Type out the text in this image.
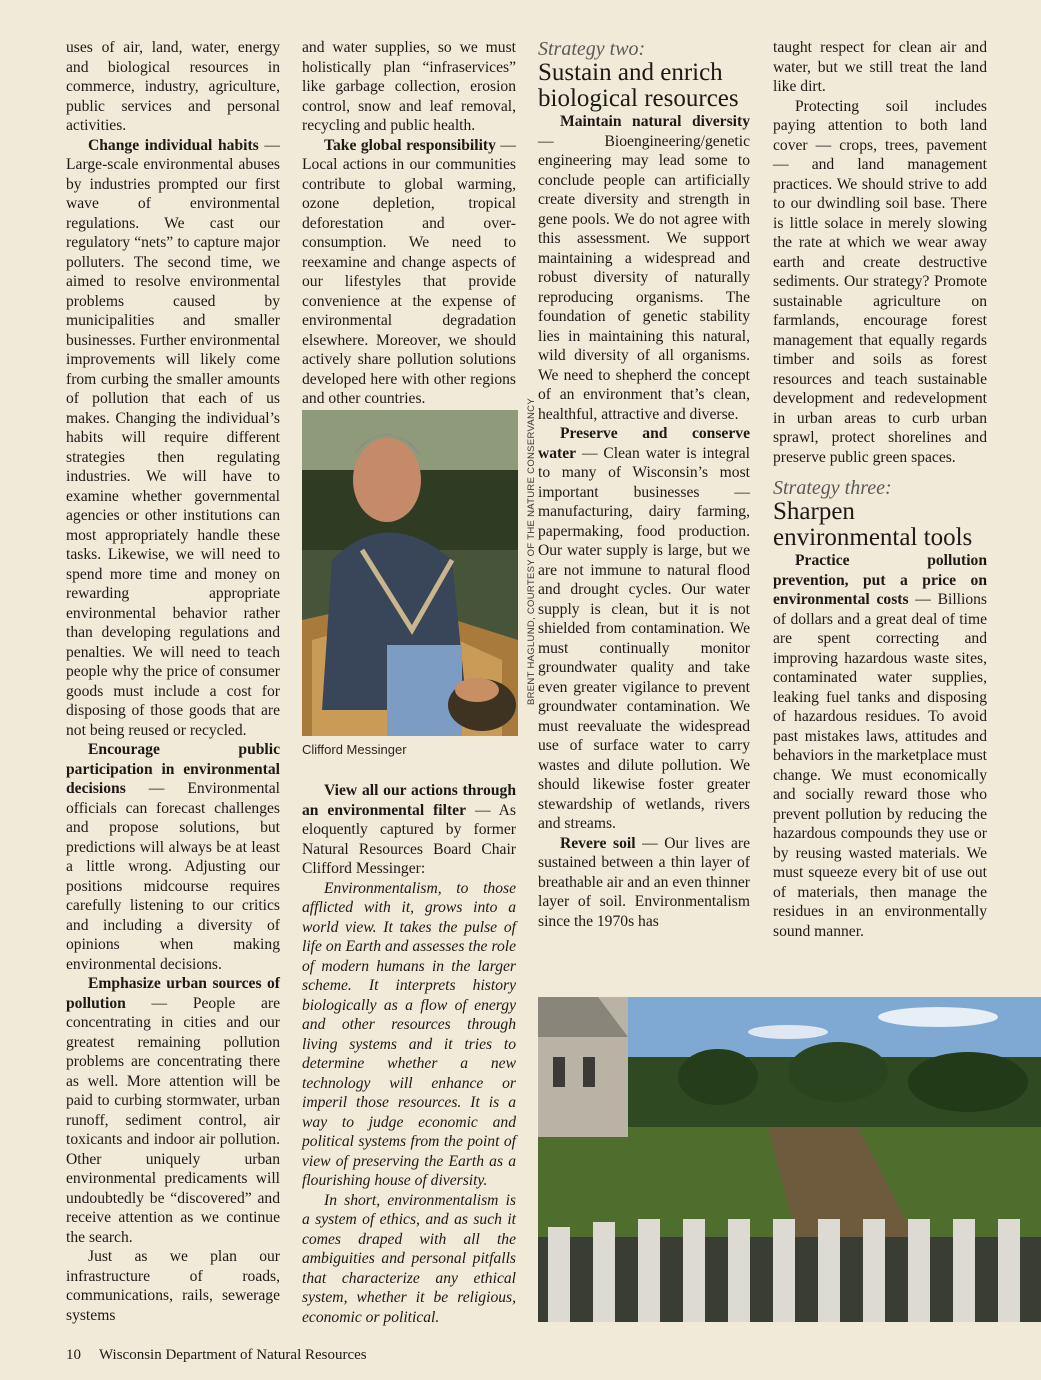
uses of air, land, water, energy and biological resources in commerce, industry, agriculture, public services and personal activities.

Change individual habits — Large-scale environmental abuses by industries prompted our first wave of environmental regulations. We cast our regulatory “nets” to capture major polluters. The second time, we aimed to resolve environmental problems caused by municipalities and smaller businesses. Further environmental improvements will likely come from curbing the smaller amounts of pollution that each of us makes. Changing the individual’s habits will require different strategies then regulating industries. We will have to examine whether governmental agencies or other institutions can most appropriately handle these tasks. Likewise, we will need to spend more time and money on rewarding appropriate environmental behavior rather than developing regulations and penalties. We will need to teach people why the price of consumer goods must include a cost for disposing of those goods that are not being reused or recycled.

Encourage public participation in environmental decisions — Environmental officials can forecast challenges and propose solutions, but predictions will always be at least a little wrong. Adjusting our positions midcourse requires carefully listening to our critics and including a diversity of opinions when making environmental decisions.

Emphasize urban sources of pollution — People are concentrating in cities and our greatest remaining pollution problems are concentrating there as well. More attention will be paid to curbing stormwater, urban runoff, sediment control, air toxicants and indoor air pollution. Other uniquely urban environmental predicaments will undoubtedly be “discovered” and receive attention as we continue the search.

Just as we plan our infrastructure of roads, communications, rails, sewerage systems

and water supplies, so we must holistically plan “infraservices” like garbage collection, erosion control, snow and leaf removal, recycling and public health.

Take global responsibility — Local actions in our communities contribute to global warming, ozone depletion, tropical deforestation and over-consumption. We need to reexamine and change aspects of our lifestyles that provide convenience at the expense of environmental degradation elsewhere. Moreover, we should actively share pollution solutions developed here with other regions and other countries.

Clifford Messinger
BRENT HAGLUND, COURTESY OF THE NATURE CONSERVANCY

View all our actions through an environmental filter — As eloquently captured by former Natural Resources Board Chair Clifford Messinger:

Environmentalism, to those afflicted with it, grows into a world view. It takes the pulse of life on Earth and assesses the role of modern humans in the larger scheme. It interprets history biologically as a flow of energy and other resources through living systems and it tries to determine whether a new technology will enhance or imperil those resources. It is a way to judge economic and political systems from the point of view of preserving the Earth as a flourishing house of diversity.

In short, environmentalism is a system of ethics, and as such it comes draped with all the ambiguities and personal pitfalls that characterize any ethical system, whether it be religious, economic or political.

Strategy two:

Sustain and enrich biological resources

Maintain natural diversity — Bioengineering/genetic engineering may lead some to conclude people can artificially create diversity and strength in gene pools. We do not agree with this assessment. We support maintaining a widespread and robust diversity of naturally reproducing organisms. The foundation of genetic stability lies in maintaining this natural, wild diversity of all organisms. We need to shepherd the concept of an environment that’s clean, healthful, attractive and diverse.

Preserve and conserve water — Clean water is integral to many of Wisconsin’s most important businesses — manufacturing, dairy farming, papermaking, food production. Our water supply is large, but we are not immune to natural flood and drought cycles. Our water supply is clean, but it is not shielded from contamination. We must continually monitor groundwater quality and take even greater vigilance to prevent groundwater contamination. We must reevaluate the widespread use of surface water to carry wastes and dilute pollution. We should likewise foster greater stewardship of wetlands, rivers and streams.

Revere soil — Our lives are sustained between a thin layer of breathable air and an even thinner layer of soil. Environmentalism since the 1970s has

taught respect for clean air and water, but we still treat the land like dirt.

Protecting soil includes paying attention to both land cover — crops, trees, pavement — and land management practices. We should strive to add to our dwindling soil base. There is little solace in merely slowing the rate at which we wear away earth and create destructive sediments. Our strategy? Promote sustainable agriculture on farmlands, encourage forest management that equally regards timber and soils as forest resources and teach sustainable development and redevelopment in urban areas to curb urban sprawl, protect shorelines and preserve public green spaces.

Strategy three:

Sharpen environmental tools

Practice pollution prevention, put a price on environmental costs — Billions of dollars and a great deal of time are spent correcting and improving hazardous waste sites, contaminated water supplies, leaking fuel tanks and disposing of hazardous residues. To avoid past mistakes laws, attitudes and behaviors in the marketplace must change. We must economically and socially reward those who prevent pollution by reducing the hazardous compounds they use or by reusing wasted materials. We must squeeze every bit of use out of materials, then manage the residues in an environmentally sound manner.

10 Wisconsin Department of Natural Resources
